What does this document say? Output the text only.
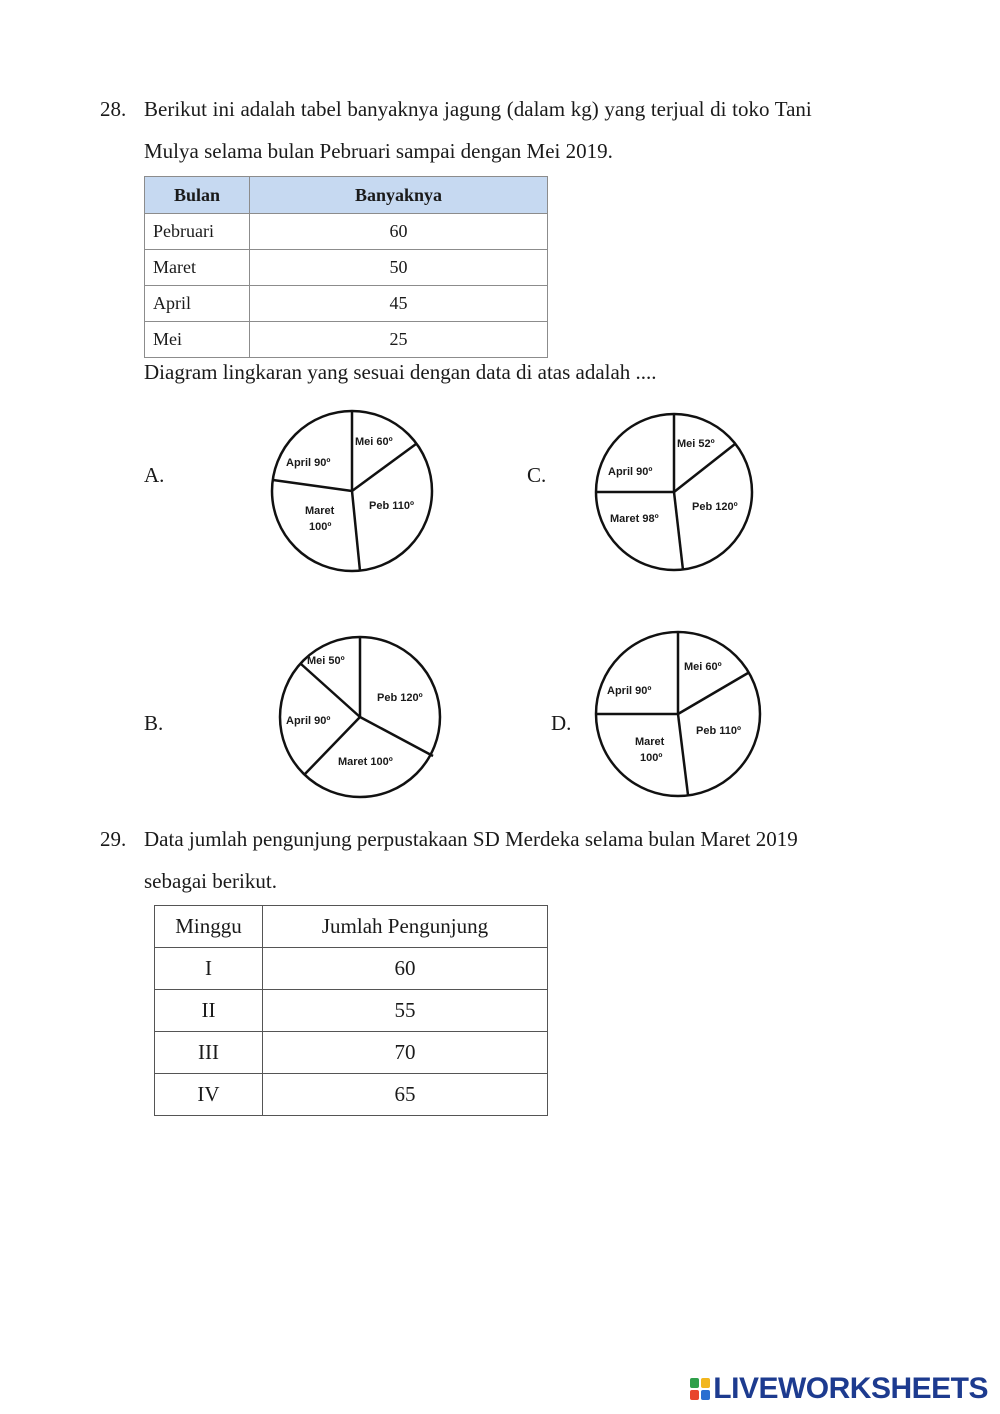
28. Berikut ini adalah tabel banyaknya jagung (dalam kg) yang terjual di toko Tani
Mulya selama bulan Pebruari sampai dengan Mei 2019.
Bulan	Banyaknya
Pebruari	60
Maret	50
April	45
Mei	25
Diagram lingkaran yang sesuai dengan data di atas adalah ....
A.
Mei 60º
April 90º
Maret
100º
Peb 110º
C.
Mei 52º
April 90º
Peb 120º
Maret 98º
B.
Mei 50º
Peb 120º
April 90º
Maret 100º
D.
Mei 60º
April 90º
Peb 110º
Maret
100º
29. Data jumlah pengunjung perpustakaan SD Merdeka selama bulan Maret 2019
sebagai berikut.
Minggu	Jumlah Pengunjung
I	60
II	55
III	70
IV	65
LIVEWORKSHEETS
